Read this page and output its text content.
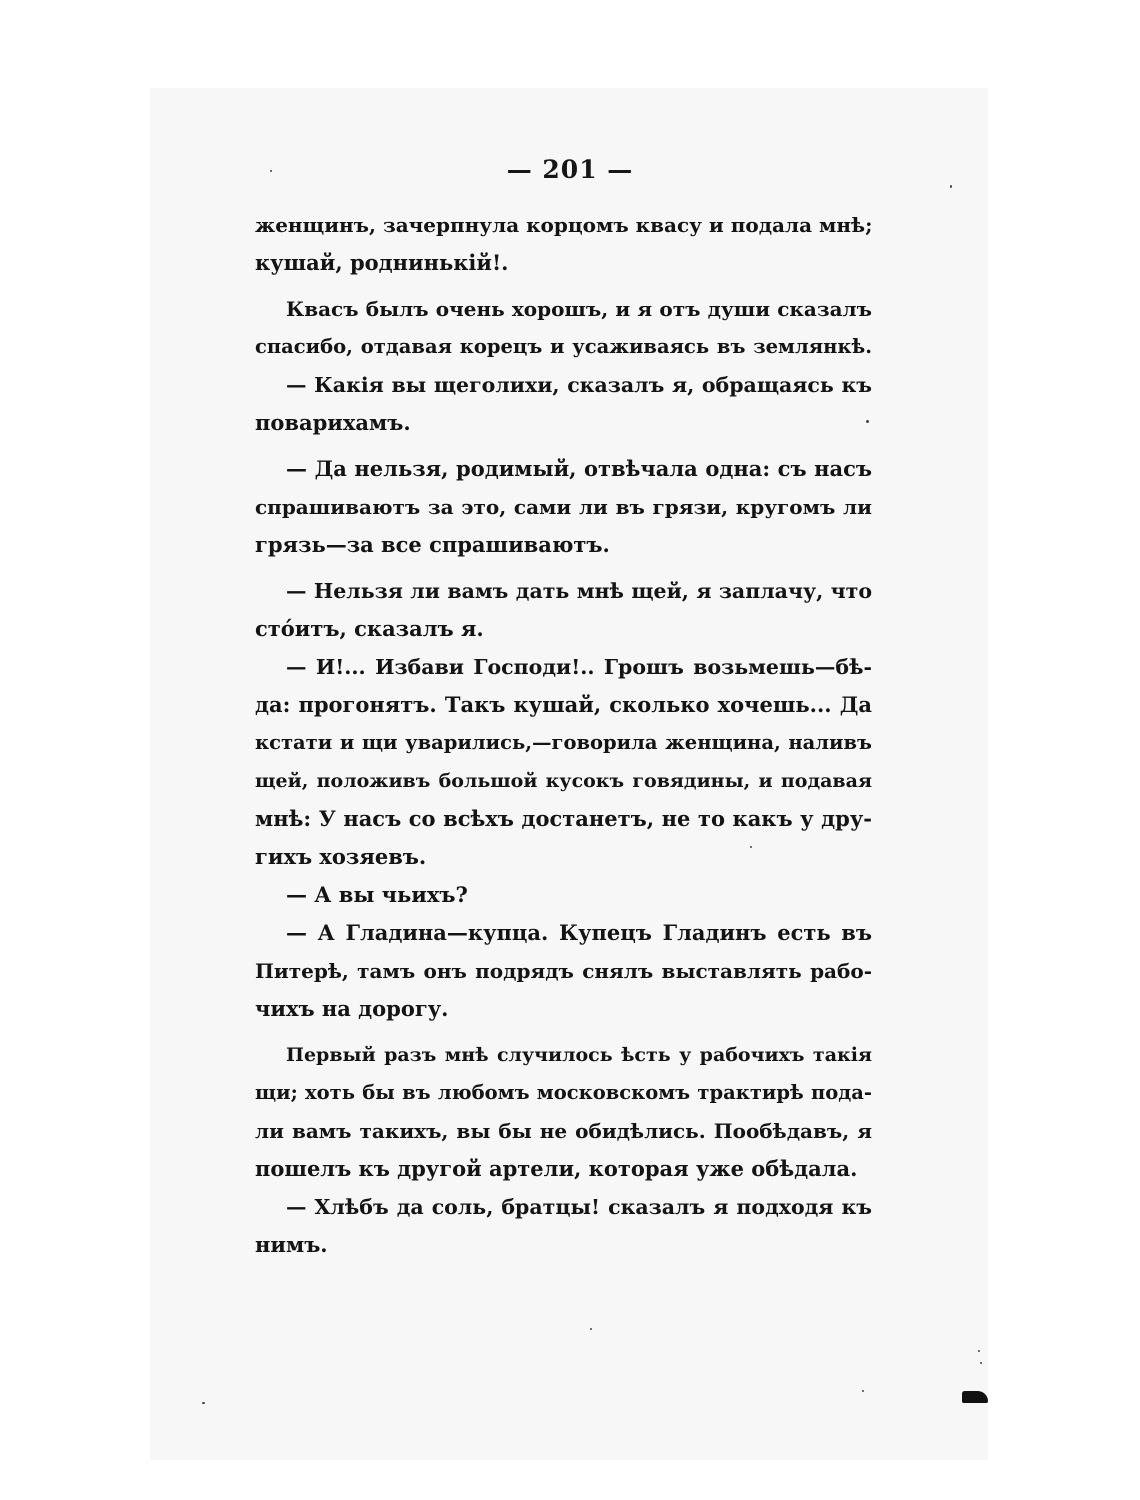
— 201 —
женщинъ, зачерпнула корцомъ квасу и подала мнѣ;
кушай, роднинькій!.
Квасъ былъ очень хорошъ, и я отъ души сказалъ
спасибо, отдавая корецъ и усаживаясь въ землянкѣ.
— Какія вы щеголихи, сказалъ я, обращаясь къ
поварихамъ.
— Да нельзя, родимый, отвѣчала одна: съ насъ
спрашиваютъ за это, сами ли въ грязи, кругомъ ли
грязь—за все спрашиваютъ.
— Нельзя ли вамъ дать мнѣ щей, я заплачу, что
стóитъ, сказалъ я.
— И!... Избави Господи!.. Грошъ возьмешь—бѣ-
да: прогонятъ. Такъ кушай, сколько хочешь... Да
кстати и щи уварились,—говорила женщина, наливъ
щей, положивъ большой кусокъ говядины, и подавая
мнѣ: У насъ со всѣхъ достанетъ, не то какъ у дру-
гихъ хозяевъ.
— А вы чьихъ?
— А Гладина—купца. Купецъ Гладинъ есть въ
Питерѣ, тамъ онъ подрядъ снялъ выставлять рабо-
чихъ на дорогу.
Первый разъ мнѣ случилось ѣсть у рабочихъ такія
щи; хоть бы въ любомъ московскомъ трактирѣ пода-
ли вамъ такихъ, вы бы не обидѣлись. Пообѣдавъ, я
пошелъ къ другой артели, которая уже обѣдала.
— Хлѣбъ да соль, братцы! сказалъ я подходя къ
нимъ.
